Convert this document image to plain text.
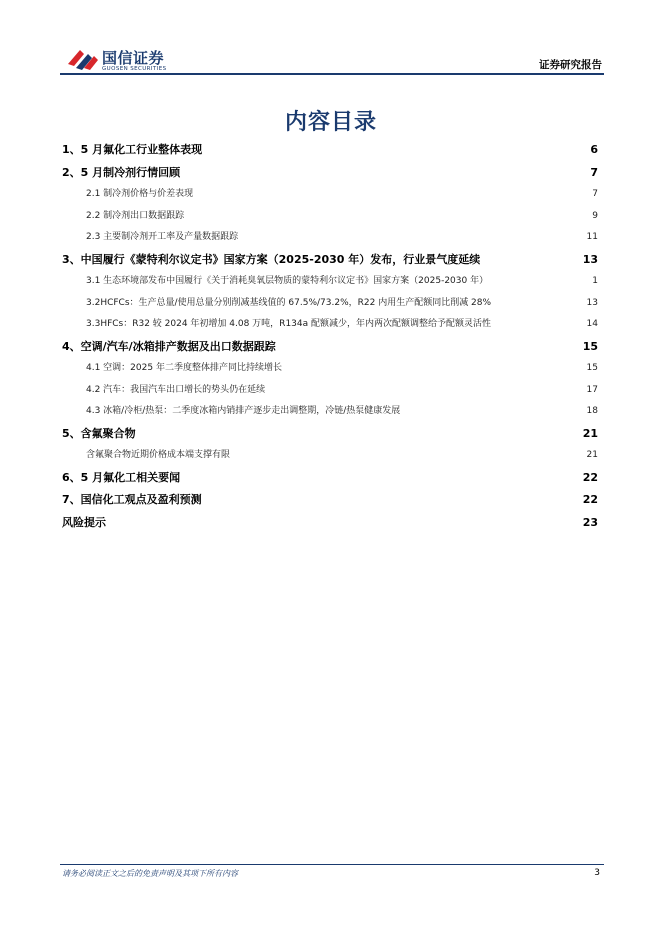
国信证券
GUOSEN SECURITIES	证券研究报告
内容目录
1、5 月氟化工行业整体表现 . . .	6
2、5 月制冷剂行情回顾 . . .	7
2.1 制冷剂价格与价差表现 . . .	7
2.2 制冷剂出口数据跟踪 . . .	9
2.3 主要制冷剂开工率及产量数据跟踪 . . .	11
3、中国履行《蒙特利尔议定书》国家方案（2025-2030 年）发布，行业景气度延续 . . .	13
3.1 生态环境部发布中国履行《关于消耗臭氧层物质的蒙特利尔议定书》国家方案（2025-2030 年） . . .	1
3.2HCFCs：生产总量/使用总量分别削减基线值的 67.5%/73.2%，R22 内用生产配额同比削减 28% . . .	13
3.3HFCs：R32 较 2024 年初增加 4.08 万吨，R134a 配额减少，年内两次配额调整给予配额灵活性 . . .	14
4、空调/汽车/冰箱排产数据及出口数据跟踪 . . .	15
4.1 空调：2025 年二季度整体排产同比持续增长 . . .	15
4.2 汽车：我国汽车出口增长的势头仍在延续 . . .	17
4.3 冰箱/冷柜/热泵：二季度冰箱内销排产逐步走出调整期，冷链/热泵健康发展 . . .	18
5、含氟聚合物 . . .	21
含氟聚合物近期价格成本端支撑有限 . . .	21
6、5 月氟化工相关要闻 . . .	22
7、国信化工观点及盈利预测 . . .	22
风险提示 . . .	23
请务必阅读正文之后的免责声明及其项下所有内容	3
